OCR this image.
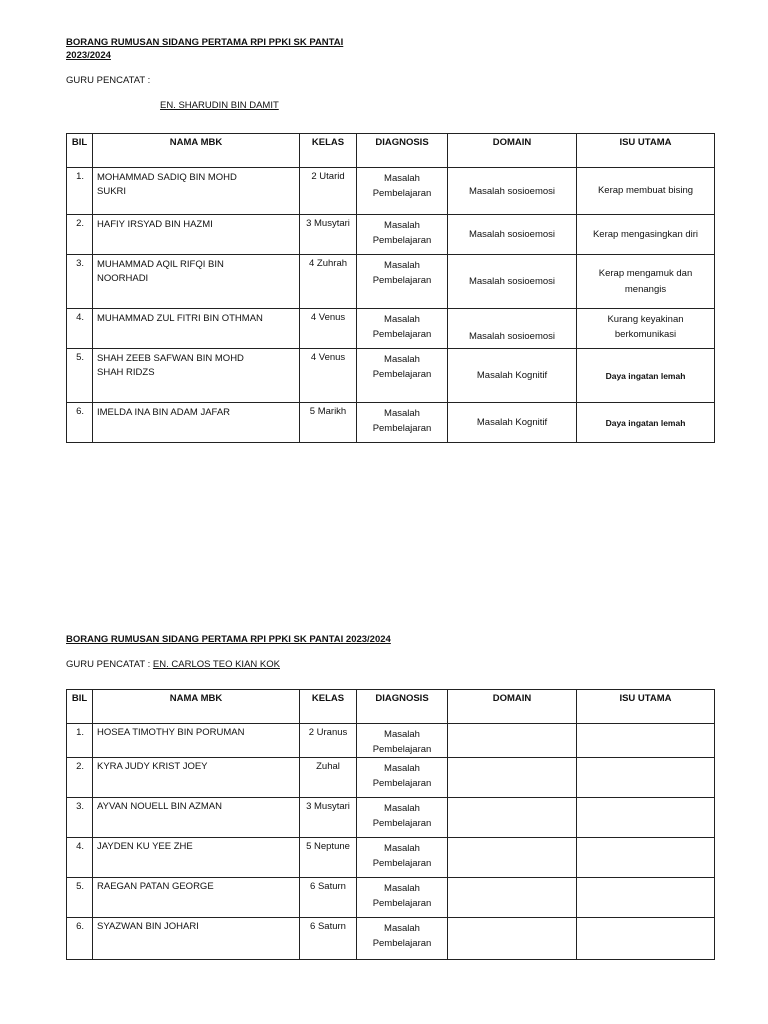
BORANG RUMUSAN SIDANG PERTAMA RPI PPKI SK PANTAI
2023/2024

GURU PENCATAT :
EN. SHARUDIN BIN DAMIT
BIL	NAMA MBK	KELAS	DIAGNOSIS	DOMAIN	ISU UTAMA
1.	MOHAMMAD SADIQ BIN MOHD
SUKRI	2 Utarid	Masalah
Pembelajaran	Masalah sosioemosi	Kerap membuat bising
2.	HAFIY IRSYAD BIN HAZMI	3 Musytari	Masalah
Pembelajaran	Masalah sosioemosi	Kerap mengasingkan diri
3.	MUHAMMAD AQIL RIFQI BIN
NOORHADI	4 Zuhrah	Masalah
Pembelajaran	Masalah sosioemosi	Kerap mengamuk dan
menangis
4.	MUHAMMAD ZUL FITRI BIN OTHMAN	4 Venus	Masalah
Pembelajaran	Masalah sosioemosi	Kurang keyakinan
berkomunikasi
5.	SHAH ZEEB SAFWAN BIN MOHD
SHAH RIDZS	4 Venus	Masalah
Pembelajaran	Masalah Kognitif	Daya ingatan lemah
6.	IMELDA INA BIN ADAM JAFAR	5 Marikh	Masalah
Pembelajaran	Masalah Kognitif	Daya ingatan lemah

BORANG RUMUSAN SIDANG PERTAMA RPI PPKI SK PANTAI 2023/2024

GURU PENCATAT : EN. CARLOS TEO KIAN KOK
BIL	NAMA MBK	KELAS	DIAGNOSIS	DOMAIN	ISU UTAMA
1.	HOSEA TIMOTHY BIN PORUMAN	2 Uranus	Masalah
Pembelajaran		
2.	KYRA JUDY KRIST JOEY	Zuhal	Masalah
Pembelajaran		
3.	AYVAN NOUELL BIN AZMAN	3 Musytari	Masalah
Pembelajaran		
4.	JAYDEN KU YEE ZHE	5 Neptune	Masalah
Pembelajaran		
5.	RAEGAN PATAN GEORGE	6 Saturn	Masalah
Pembelajaran		
6.	SYAZWAN BIN JOHARI	6 Saturn	Masalah
Pembelajaran		
